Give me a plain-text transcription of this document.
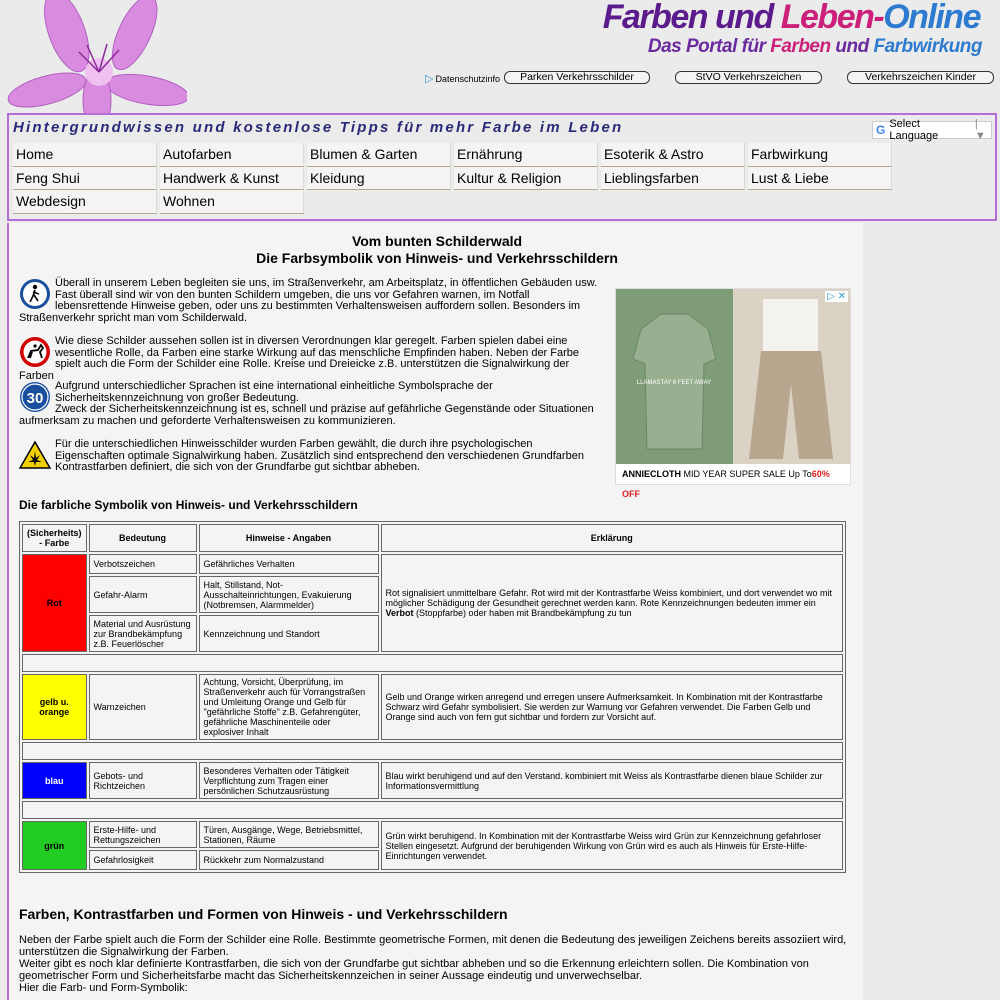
Farben und Leben-Online
Das Portal für Farben und Farbwirkung
▷ Datenschutzinfo	Parken Verkehrsschilder	StVO Verkehrszeichen	Verkehrszeichen Kinder
Hintergrundwissen und kostenlose Tipps für mehr Farbe im Leben	G Select Language
| ▼
Home	Autofarben	Blumen & Garten	Ernährung	Esoterik & Astro	Farbwirkung
Feng Shui	Handwerk & Kunst	Kleidung	Kultur & Religion	Lieblingsfarben	Lust & Liebe
Webdesign	Wohnen
Vom bunten Schilderwald
Die Farbsymbolik von Hinweis- und Verkehrsschildern
Überall in unserem Leben begleiten sie uns, im Straßenverkehr, am Arbeitsplatz, in öffentlichen Gebäuden usw. Fast überall sind wir von den bunten Schildern umgeben, die uns vor Gefahren warnen, im Notfall lebensrettende Hinweise geben, oder uns zu bestimmten Verhaltensweisen auffordern sollen. Besonders im Straßenverkehr spricht man vom Schilderwald.
Wie diese Schilder aussehen sollen ist in diversen Verordnungen klar geregelt. Farben spielen dabei eine wesentliche Rolle, da Farben eine starke Wirkung auf das menschliche Empfinden haben. Neben der Farbe spielt auch die Form der Schilder eine Rolle. Kreise und Dreieicke z.B. unterstützen die Signalwirkung der Farben
30
Aufgrund unterschiedlicher Sprachen ist eine international einheitliche Symbolsprache der Sicherheitskennzeichnung von großer Bedeutung.
Zweck der Sicherheitskennzeichnung ist es, schnell und präzise auf gefährliche Gegenstände oder Situationen aufmerksam zu machen und geforderte Verhaltensweisen zu kommunizieren.
Für die unterschiedlichen Hinweisschilder wurden Farben gewählt, die durch ihre psychologischen Eigenschaften optimale Signalwirkung haben. Zusätzlich sind entsprechend den verschiedenen Grundfarben Kontrastfarben definiert, die sich von der Grundfarbe gut sichtbar abheben.
LLAMASTAY 6 FEET AWAY
▷ ✕
ANNIECLOTH MID YEAR SUPER SALE Up To60% OFF
Die farbliche Symbolik von Hinweis- und Verkehrsschildern
(Sicherheits) - Farbe	Bedeutung	Hinweise - Angaben	Erklärung
Rot	Verbotszeichen	Gefährliches Verhalten	Rot signalisiert unmittelbare Gefahr. Rot wird mit der Kontrastfarbe Weiss kombiniert, und dort verwendet wo mit möglicher Schädigung der Gesundheit gerechnet werden kann. Rote Kennzeichnungen bedeuten immer ein Verbot (Stoppfarbe) oder haben mit Brandbekämpfung zu tun
	Gefahr-Alarm	Halt, Stillstand, Not-Ausschalteinrichtungen, Evakuierung (Notbremsen, Alarmmelder)	
	Material und Ausrüstung zur Brandbekämpfung z.B. Feuerlöscher	Kennzeichnung und Standort	

gelb u. orange	Warnzeichen	Achtung, Vorsicht, Überprüfung, im Straßenverkehr auch für Vorrangstraßen und Umleitung Orange und Gelb für "gefährliche Stoffe" z.B. Gefahrengüter, gefährliche Maschinenteile oder explosiver Inhalt	Gelb und Orange wirken anregend und erregen unsere Aufmerksamkeit. In Kombination mit der Kontrastfarbe Schwarz wird Gefahr symbolisiert. Sie werden zur Warnung vor Gefahren verwendet. Die Farben Gelb und Orange sind auch von fern gut sichtbar und fordern zur Vorsicht auf.

blau	Gebots- und Richtzeichen	Besonderes Verhalten oder Tätigkeit Verpflichtung zum Tragen einer persönlichen Schutzausrüstung	Blau wirkt beruhigend und auf den Verstand. kombiniert mit Weiss als Kontrastfarbe dienen blaue Schilder zur Informationsvermittlung

grün	Erste-Hilfe- und Rettungszeichen	Türen, Ausgänge, Wege, Betriebsmittel, Stationen, Räume	Grün wirkt beruhigend. In Kombination mit der Kontrastfarbe Weiss wird Grün zur Kennzeichnung gefahrloser Stellen eingesetzt. Aufgrund der beruhigenden Wirkung von Grün wird es auch als Hinweis für Erste-Hilfe-Einrichtungen verwendet.
	Gefahrlosigkeit	Rückkehr zum Normalzustand	
Farben, Kontrastfarben und Formen von Hinweis - und Verkehrsschildern
Neben der Farbe spielt auch die Form der Schilder eine Rolle. Bestimmte geometrische Formen, mit denen die Bedeutung des jeweiligen Zeichens bereits assoziiert wird, unterstützen die Signalwirkung der Farben.
Weiter gibt es noch klar definierte Kontrastfarben, die sich von der Grundfarbe gut sichtbar abheben und so die Erkennung erleichtern sollen. Die Kombination von geometrischer Form und Sicherheitsfarbe macht das Sicherheitskennzeichen in seiner Aussage eindeutig und unverwechselbar.
Hier die Farb- und Form-Symbolik:
